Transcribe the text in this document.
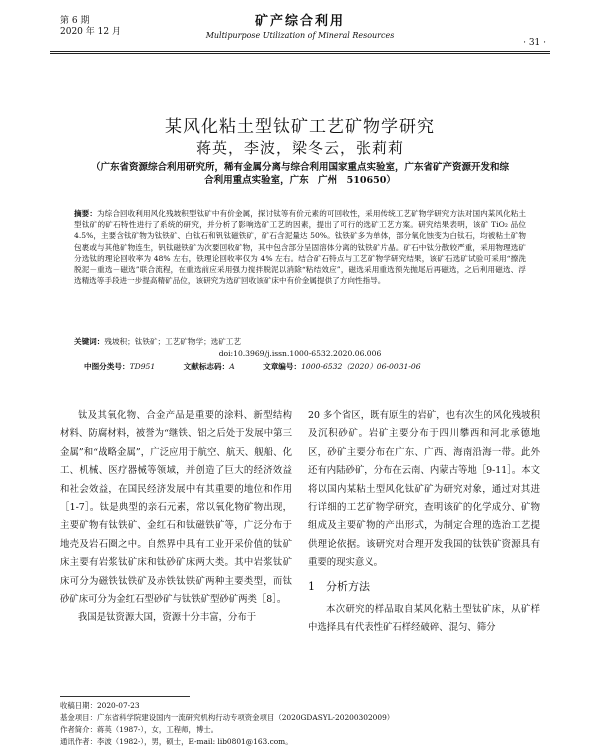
第 6 期
2020 年 12 月
矿产综合利用
Multipurpose Utilization of Mineral Resources
· 31 ·
某风化粘土型钛矿工艺矿物学研究
蒋英，李波，梁冬云，张莉莉
（广东省资源综合利用研究所，稀有金属分离与综合利用国家重点实验室，广东省矿产资源开发和综合利用重点实验室，广东　广州　510650）
摘要：为综合回收利用风化残坡积型钛矿中有价金属，探讨钛等有价元素的可回收性，采用传统工艺矿物学研究方法对国内某风化粘土型钛矿的矿石特性进行了系统的研究，并分析了影响选矿工艺的因素，提出了可行的选矿工艺方案。研究结果表明，该矿 TiO₂ 品位 4.5%，主要含钛矿物为钛铁矿、白钛石和钒钛磁铁矿，矿石含泥量达 50%。钛铁矿多为单体，部分氧化蚀变为白钛石，均被粘土矿物包裹或与其他矿物连生，钒钛磁铁矿为次要回收矿物，其中包含部分呈固溶体分离的钛铁矿片晶。矿石中钛分散较严重，采用物理选矿分选钛的理论回收率为 48% 左右，铁理论回收率仅为 4% 左右。结合矿石特点与工艺矿物学研究结果，该矿石选矿试验可采用“擦洗脱泥－重选－磁选”联合流程，在重选前应采用强力搅拌脱泥以消除“粘结效应”，磁选采用重选预先抛尾后再磁选，之后利用磁选、浮选精选等手段进一步提高精矿品位，该研究为选矿回收该矿床中有价金属提供了方向性指导。
关键词：残坡积；钛铁矿；工艺矿物学；选矿工艺
doi:10.3969/j.issn.1000-6532.2020.06.006
中图分类号：TD951	文献标志码：A	文章编号：1000-6532（2020）06-0031-06

钛及其氧化物、合金产品是重要的涂料、新型结构材料、防腐材料，被誉为“继铁、铝之后处于发展中第三金属”和“战略金属”，广泛应用于航空、航天、舰船、化工、机械、医疗器械等领域，并创造了巨大的经济效益和社会效益，在国民经济发展中有其重要的地位和作用［1-7］。钛是典型的亲石元素，常以氧化物矿物出现，主要矿物有钛铁矿、金红石和钛磁铁矿等，广泛分布于地壳及岩石圈之中。自然界中具有工业开采价值的钛矿床主要有岩浆钛矿床和钛砂矿床两大类。其中岩浆钛矿床可分为磁铁钛铁矿及赤铁钛铁矿两种主要类型，而钛砂矿床可分为金红石型砂矿与钛铁矿型砂矿两类［8］。

我国是钛资源大国，资源十分丰富，分布于

20 多个省区，既有原生的岩矿，也有次生的风化残坡积及沉积砂矿。岩矿主要分布于四川攀西和河北承德地区，砂矿主要分布在广东、广西、海南沿海一带。此外还有内陆砂矿，分布在云南、内蒙古等地［9-11］。本文将以国内某粘土型风化钛矿矿为研究对象，通过对其进行详细的工艺矿物学研究，查明该矿的化学成分、矿物组成及主要矿物的产出形式，为制定合理的选治工艺提供理论依据。该研究对合理开发我国的钛铁矿资源具有重要的现实意义。

1　分析方法

本次研究的样品取自某风化粘土型钛矿床，从矿样中选择具有代表性矿石样经破碎、混匀、筛分

收稿日期：2020-07-23
基金项目：广东省科学院建设国内一流研究机构行动专项资金项目（2020GDASYL-20200302009）
作者简介：蒋英（1987-），女，工程师，博士。
通讯作者：李波（1982-），男，硕士，E-mail: lib0801@163.com。
